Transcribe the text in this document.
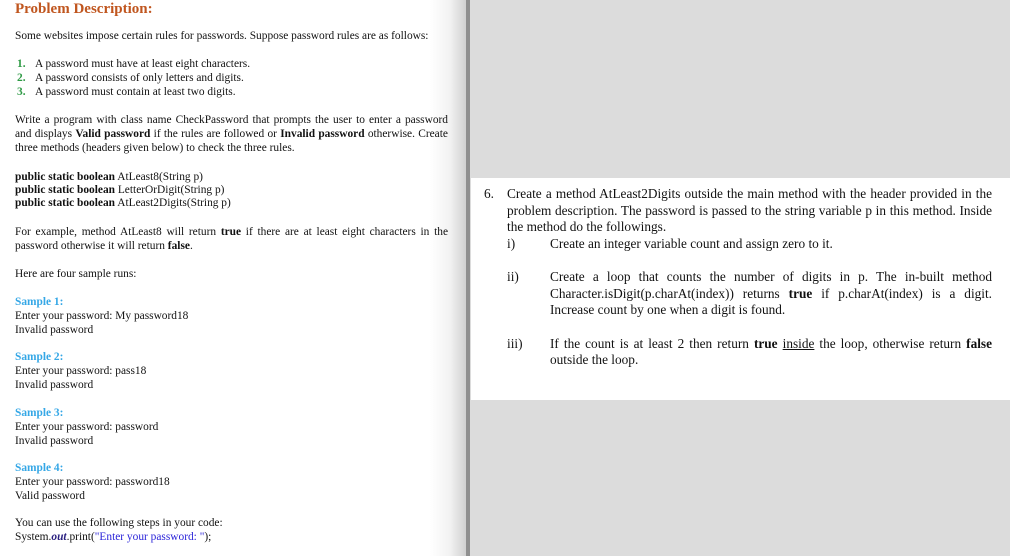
Problem Description:

Some websites impose certain rules for passwords. Suppose password rules are as follows:

1. A password must have at least eight characters.
2. A password consists of only letters and digits.
3. A password must contain at least two digits.

Write a program with class name CheckPassword that prompts the user to enter a password and displays Valid password if the rules are followed or Invalid password otherwise. Create three methods (headers given below) to check the three rules.

public static boolean AtLeast8(String p)
public static boolean LetterOrDigit(String p)
public static boolean AtLeast2Digits(String p)

For example, method AtLeast8 will return true if there are at least eight characters in the password otherwise it will return false.

Here are four sample runs:

Sample 1:
Enter your password: My password18
Invalid password
Sample 2:
Enter your password: pass18
Invalid password
Sample 3:
Enter your password: password
Invalid password
Sample 4:
Enter your password: password18
Valid password

You can use the following steps in your code:

System.out.print("Enter your password: ");

6. Create a method AtLeast2Digits outside the main method with the header provided in the problem description. The password is passed to the string variable p in this method. Inside the method do the followings.
i)	Create an integer variable count and assign zero to it.
ii) Create a loop that counts the number of digits in p. The in-built method Character.isDigit(p.charAt(index)) returns true if p.charAt(index) is a digit. Increase count by one when a digit is found.
iii) If the count is at least 2 then return true inside the loop, otherwise return false outside the loop.
